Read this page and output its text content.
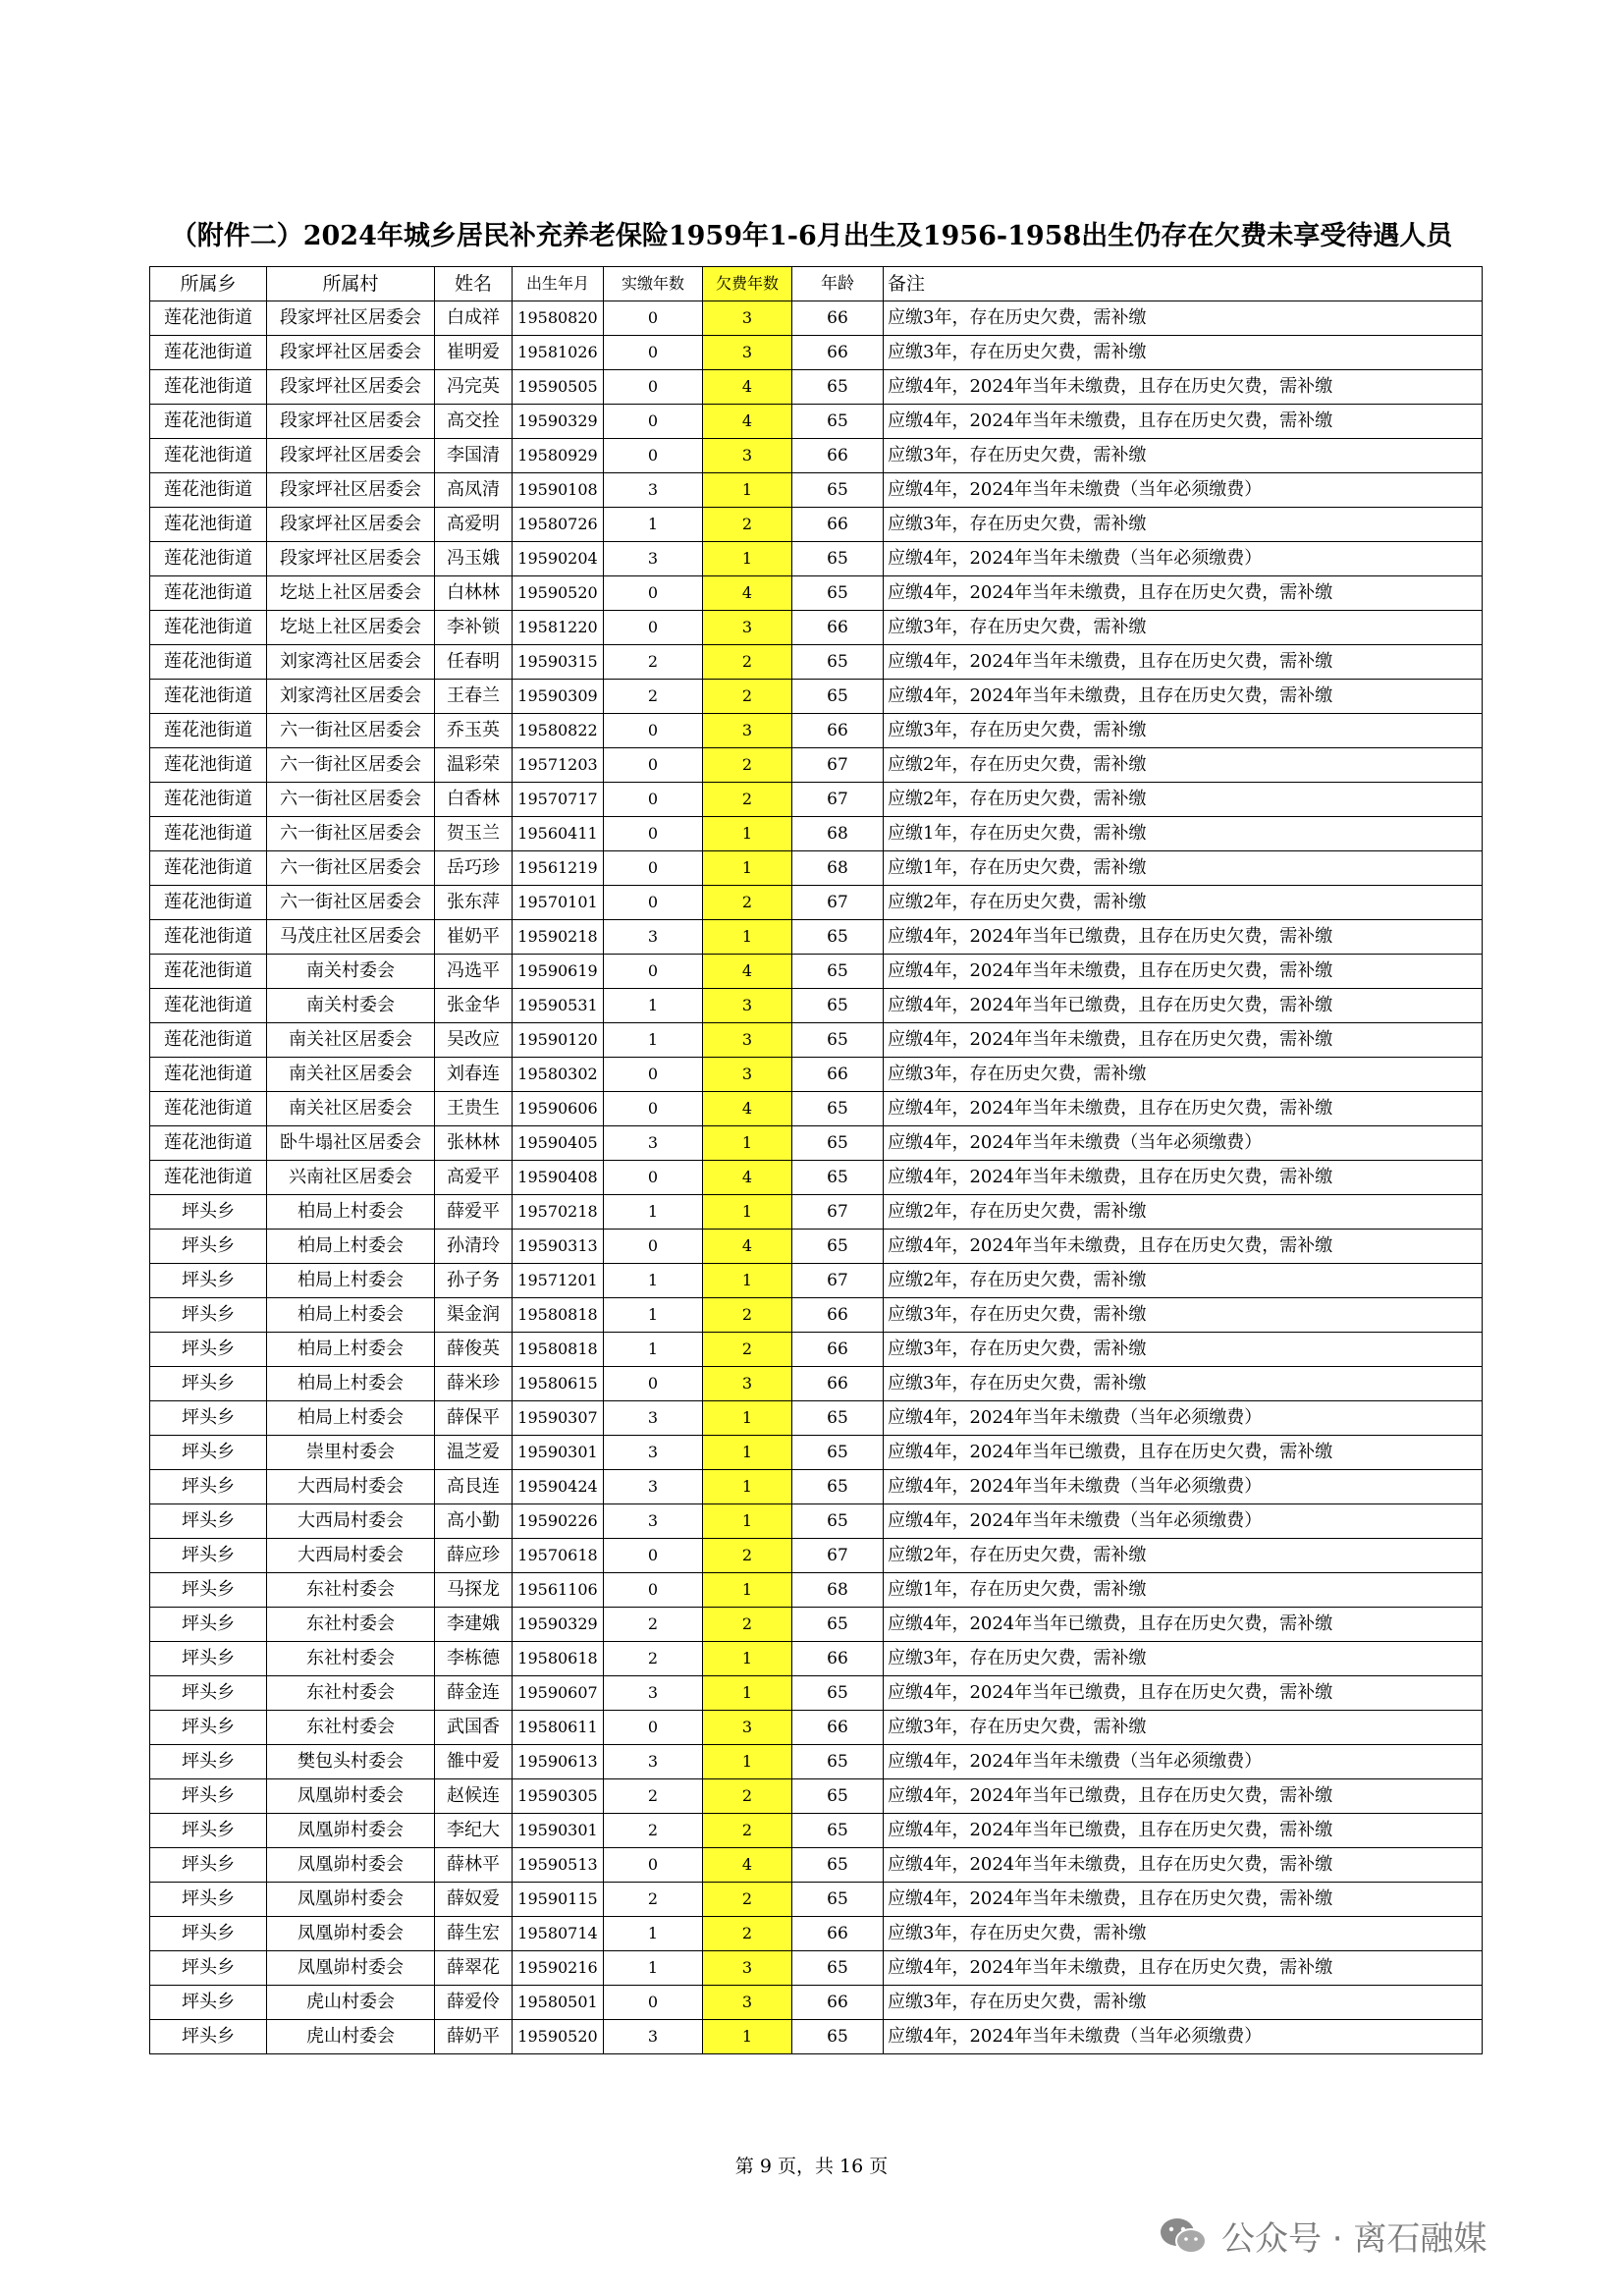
（附件二）2024年城乡居民补充养老保险1959年1-6月出生及1956-1958出生仍存在欠费未享受待遇人员
所属乡	所属村	姓名	出生年月	实缴年数	欠费年数	年龄	备注
莲花池街道	段家坪社区居委会	白成祥	19580820	0	3	66	应缴3年，存在历史欠费，需补缴
莲花池街道	段家坪社区居委会	崔明爱	19581026	0	3	66	应缴3年，存在历史欠费，需补缴
莲花池街道	段家坪社区居委会	冯完英	19590505	0	4	65	应缴4年，2024年当年未缴费，且存在历史欠费，需补缴
莲花池街道	段家坪社区居委会	高交拴	19590329	0	4	65	应缴4年，2024年当年未缴费，且存在历史欠费，需补缴
莲花池街道	段家坪社区居委会	李国清	19580929	0	3	66	应缴3年，存在历史欠费，需补缴
莲花池街道	段家坪社区居委会	高凤清	19590108	3	1	65	应缴4年，2024年当年未缴费（当年必须缴费）
莲花池街道	段家坪社区居委会	高爱明	19580726	1	2	66	应缴3年，存在历史欠费，需补缴
莲花池街道	段家坪社区居委会	冯玉娥	19590204	3	1	65	应缴4年，2024年当年未缴费（当年必须缴费）
莲花池街道	圪垯上社区居委会	白林林	19590520	0	4	65	应缴4年，2024年当年未缴费，且存在历史欠费，需补缴
莲花池街道	圪垯上社区居委会	李补锁	19581220	0	3	66	应缴3年，存在历史欠费，需补缴
莲花池街道	刘家湾社区居委会	任春明	19590315	2	2	65	应缴4年，2024年当年未缴费，且存在历史欠费，需补缴
莲花池街道	刘家湾社区居委会	王春兰	19590309	2	2	65	应缴4年，2024年当年未缴费，且存在历史欠费，需补缴
莲花池街道	六一街社区居委会	乔玉英	19580822	0	3	66	应缴3年，存在历史欠费，需补缴
莲花池街道	六一街社区居委会	温彩荣	19571203	0	2	67	应缴2年，存在历史欠费，需补缴
莲花池街道	六一街社区居委会	白香林	19570717	0	2	67	应缴2年，存在历史欠费，需补缴
莲花池街道	六一街社区居委会	贺玉兰	19560411	0	1	68	应缴1年，存在历史欠费，需补缴
莲花池街道	六一街社区居委会	岳巧珍	19561219	0	1	68	应缴1年，存在历史欠费，需补缴
莲花池街道	六一街社区居委会	张东萍	19570101	0	2	67	应缴2年，存在历史欠费，需补缴
莲花池街道	马茂庄社区居委会	崔奶平	19590218	3	1	65	应缴4年，2024年当年已缴费，且存在历史欠费，需补缴
莲花池街道	南关村委会	冯选平	19590619	0	4	65	应缴4年，2024年当年未缴费，且存在历史欠费，需补缴
莲花池街道	南关村委会	张金华	19590531	1	3	65	应缴4年，2024年当年已缴费，且存在历史欠费，需补缴
莲花池街道	南关社区居委会	吴改应	19590120	1	3	65	应缴4年，2024年当年未缴费，且存在历史欠费，需补缴
莲花池街道	南关社区居委会	刘春连	19580302	0	3	66	应缴3年，存在历史欠费，需补缴
莲花池街道	南关社区居委会	王贵生	19590606	0	4	65	应缴4年，2024年当年未缴费，且存在历史欠费，需补缴
莲花池街道	卧牛塌社区居委会	张林林	19590405	3	1	65	应缴4年，2024年当年未缴费（当年必须缴费）
莲花池街道	兴南社区居委会	高爱平	19590408	0	4	65	应缴4年，2024年当年未缴费，且存在历史欠费，需补缴
坪头乡	柏局上村委会	薛爱平	19570218	1	1	67	应缴2年，存在历史欠费，需补缴
坪头乡	柏局上村委会	孙清玲	19590313	0	4	65	应缴4年，2024年当年未缴费，且存在历史欠费，需补缴
坪头乡	柏局上村委会	孙子务	19571201	1	1	67	应缴2年，存在历史欠费，需补缴
坪头乡	柏局上村委会	渠金润	19580818	1	2	66	应缴3年，存在历史欠费，需补缴
坪头乡	柏局上村委会	薛俊英	19580818	1	2	66	应缴3年，存在历史欠费，需补缴
坪头乡	柏局上村委会	薛米珍	19580615	0	3	66	应缴3年，存在历史欠费，需补缴
坪头乡	柏局上村委会	薛保平	19590307	3	1	65	应缴4年，2024年当年未缴费（当年必须缴费）
坪头乡	崇里村委会	温芝爱	19590301	3	1	65	应缴4年，2024年当年已缴费，且存在历史欠费，需补缴
坪头乡	大西局村委会	高艮连	19590424	3	1	65	应缴4年，2024年当年未缴费（当年必须缴费）
坪头乡	大西局村委会	高小勤	19590226	3	1	65	应缴4年，2024年当年未缴费（当年必须缴费）
坪头乡	大西局村委会	薛应珍	19570618	0	2	67	应缴2年，存在历史欠费，需补缴
坪头乡	东社村委会	马探龙	19561106	0	1	68	应缴1年，存在历史欠费，需补缴
坪头乡	东社村委会	李建娥	19590329	2	2	65	应缴4年，2024年当年已缴费，且存在历史欠费，需补缴
坪头乡	东社村委会	李栋德	19580618	2	1	66	应缴3年，存在历史欠费，需补缴
坪头乡	东社村委会	薛金连	19590607	3	1	65	应缴4年，2024年当年已缴费，且存在历史欠费，需补缴
坪头乡	东社村委会	武国香	19580611	0	3	66	应缴3年，存在历史欠费，需补缴
坪头乡	樊包头村委会	雒中爱	19590613	3	1	65	应缴4年，2024年当年未缴费（当年必须缴费）
坪头乡	凤凰峁村委会	赵候连	19590305	2	2	65	应缴4年，2024年当年已缴费，且存在历史欠费，需补缴
坪头乡	凤凰峁村委会	李纪大	19590301	2	2	65	应缴4年，2024年当年已缴费，且存在历史欠费，需补缴
坪头乡	凤凰峁村委会	薛林平	19590513	0	4	65	应缴4年，2024年当年未缴费，且存在历史欠费，需补缴
坪头乡	凤凰峁村委会	薛奴爱	19590115	2	2	65	应缴4年，2024年当年未缴费，且存在历史欠费，需补缴
坪头乡	凤凰峁村委会	薛生宏	19580714	1	2	66	应缴3年，存在历史欠费，需补缴
坪头乡	凤凰峁村委会	薛翠花	19590216	1	3	65	应缴4年，2024年当年未缴费，且存在历史欠费，需补缴
坪头乡	虎山村委会	薛爱伶	19580501	0	3	66	应缴3年，存在历史欠费，需补缴
坪头乡	虎山村委会	薛奶平	19590520	3	1	65	应缴4年，2024年当年未缴费（当年必须缴费）
第 9 页，共 16 页
公众号 · 离石融媒
